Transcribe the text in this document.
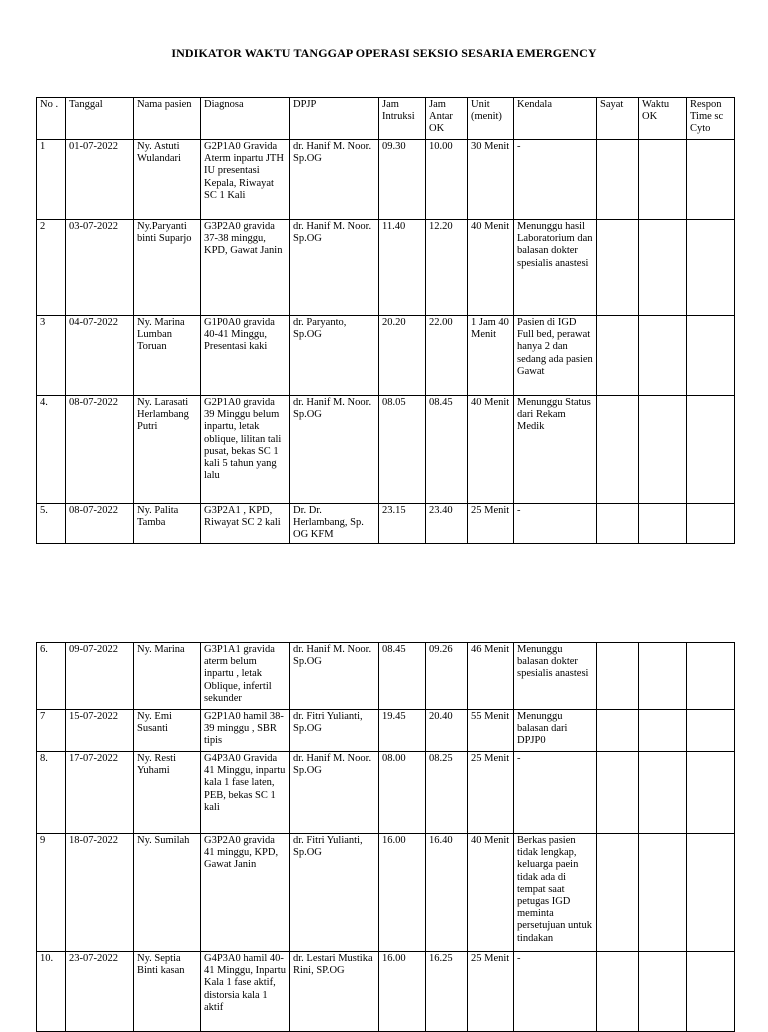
INDIKATOR WAKTU TANGGAP OPERASI SEKSIO SESARIA EMERGENCY
No .	Tanggal	Nama pasien	Diagnosa	DPJP	Jam Intruksi	Jam Antar OK	Unit (menit)	Kendala	Sayat	Waktu OK	Respon Time sc Cyto

1	01-07-2022	Ny. Astuti Wulandari	G2P1A0 Gravida Aterm inpartu JTH IU presentasi Kepala, Riwayat SC 1 Kali	dr. Hanif M. Noor. Sp.OG	09.30	10.00	30 Menit	-			

2	03-07-2022	Ny.Paryanti binti Suparjo	G3P2A0 gravida 37-38 minggu, KPD, Gawat Janin	dr. Hanif M. Noor. Sp.OG	11.40	12.20	40 Menit	Menunggu hasil Laboratorium dan balasan dokter spesialis anastesi			

3	04-07-2022	Ny. Marina Lumban Toruan	G1P0A0 gravida 40-41 Minggu, Presentasi kaki	dr. Paryanto, Sp.OG	20.20	22.00	1 Jam 40 Menit	Pasien di IGD Full bed, perawat hanya 2 dan sedang ada pasien Gawat			

4.	08-07-2022	Ny. Larasati Herlambang Putri	G2P1A0 gravida 39 Minggu belum inpartu, letak oblique, lilitan tali pusat, bekas SC 1 kali 5 tahun yang lalu	dr. Hanif M. Noor. Sp.OG	08.05	08.45	40 Menit	Menunggu Status dari Rekam Medik			

5.	08-07-2022	Ny. Palita Tamba	G3P2A1 , KPD, Riwayat SC 2 kali	Dr. Dr. Herlambang, Sp. OG KFM	23.15	23.40	25 Menit	-			

6.	09-07-2022	Ny. Marina	G3P1A1 gravida aterm belum inpartu , letak Oblique, infertil sekunder	dr. Hanif M. Noor. Sp.OG	08.45	09.26	46 Menit	Menunggu balasan dokter spesialis anastesi			

7	15-07-2022	Ny. Emi Susanti	G2P1A0 hamil 38-39 minggu , SBR tipis	dr. Fitri Yulianti, Sp.OG	19.45	20.40	55 Menit	Menunggu balasan dari DPJP0			

8.	17-07-2022	Ny. Resti Yuhami	G4P3A0 Gravida 41 Minggu, inpartu kala 1 fase laten, PEB, bekas SC 1 kali	dr. Hanif M. Noor. Sp.OG	08.00	08.25	25 Menit	-			

9	18-07-2022	Ny. Sumilah	G3P2A0 gravida 41 minggu, KPD, Gawat Janin	dr. Fitri Yulianti, Sp.OG	16.00	16.40	40 Menit	Berkas pasien tidak lengkap, keluarga paein tidak ada di tempat saat petugas IGD meminta persetujuan untuk tindakan			

10.	23-07-2022	Ny. Septia Binti kasan	G4P3A0 hamil 40-41 Minggu, Inpartu Kala 1 fase aktif, distorsia kala 1 aktif	dr. Lestari Mustika Rini, SP.OG	16.00	16.25	25 Menit	-			
